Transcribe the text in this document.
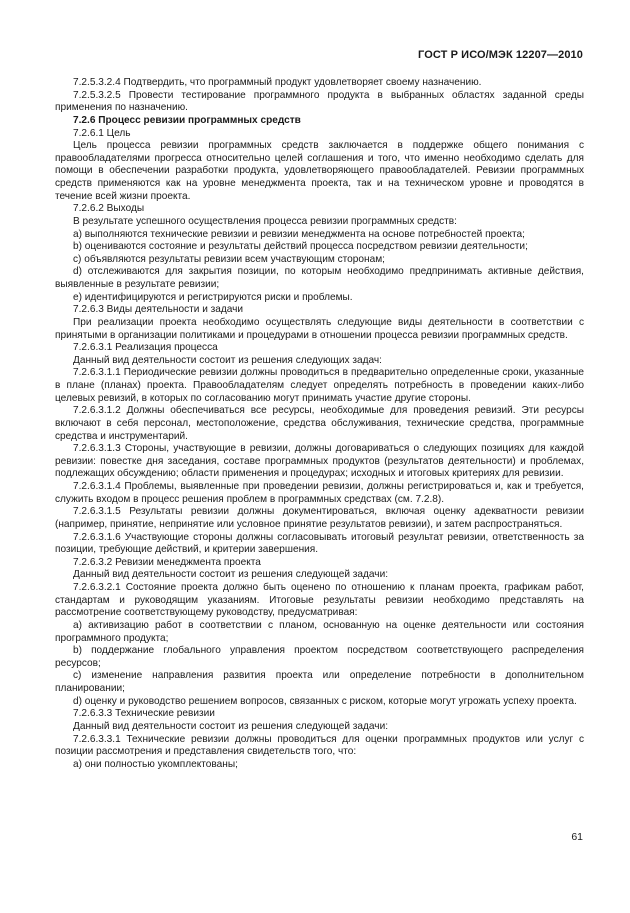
ГОСТ Р ИСО/МЭК 12207—2010

7.2.5.3.2.4 Подтвердить, что программный продукт удовлетворяет своему назначению.

7.2.5.3.2.5 Провести тестирование программного продукта в выбранных областях заданной среды применения по назначению.

7.2.6 Процесс ревизии программных средств

7.2.6.1 Цель

Цель процесса ревизии программных средств заключается в поддержке общего понимания с правообладателями прогресса относительно целей соглашения и того, что именно необходимо сделать для помощи в обеспечении разработки продукта, удовлетворяющего правообладателей. Ревизии программных средств применяются как на уровне менеджмента проекта, так и на техническом уровне и проводятся в течение всей жизни проекта.

7.2.6.2 Выходы

В результате успешного осуществления процесса ревизии программных средств:

а) выполняются технические ревизии и ревизии менеджмента на основе потребностей проекта;

b) оцениваются состояние и результаты действий процесса посредством ревизии деятельности;

с) объявляются результаты ревизии всем участвующим сторонам;

d) отслеживаются для закрытия позиции, по которым необходимо предпринимать активные действия, выявленные в результате ревизии;

е) идентифицируются и регистрируются риски и проблемы.

7.2.6.3 Виды деятельности и задачи

При реализации проекта необходимо осуществлять следующие виды деятельности в соответствии с принятыми в организации политиками и процедурами в отношении процесса ревизии программных средств.

7.2.6.3.1 Реализация процесса

Данный вид деятельности состоит из решения следующих задач:

7.2.6.3.1.1 Периодические ревизии должны проводиться в предварительно определенные сроки, указанные в плане (планах) проекта. Правообладателям следует определять потребность в проведении каких-либо целевых ревизий, в которых по согласованию могут принимать участие другие стороны.

7.2.6.3.1.2 Должны обеспечиваться все ресурсы, необходимые для проведения ревизий. Эти ресурсы включают в себя персонал, местоположение, средства обслуживания, технические средства, программные средства и инструментарий.

7.2.6.3.1.3 Стороны, участвующие в ревизии, должны договариваться о следующих позициях для каждой ревизии: повестке дня заседания, составе программных продуктов (результатов деятельности) и проблемах, подлежащих обсуждению; области применения и процедурах; исходных и итоговых критериях для ревизии.

7.2.6.3.1.4 Проблемы, выявленные при проведении ревизии, должны регистрироваться и, как и требуется, служить входом в процесс решения проблем в программных средствах (см. 7.2.8).

7.2.6.3.1.5 Результаты ревизии должны документироваться, включая оценку адекватности ревизии (например, принятие, непринятие или условное принятие результатов ревизии), и затем распространяться.

7.2.6.3.1.6 Участвующие стороны должны согласовывать итоговый результат ревизии, ответственность за позиции, требующие действий, и критерии завершения.

7.2.6.3.2 Ревизии менеджмента проекта

Данный вид деятельности состоит из решения следующей задачи:

7.2.6.3.2.1 Состояние проекта должно быть оценено по отношению к планам проекта, графикам работ, стандартам и руководящим указаниям. Итоговые результаты ревизии необходимо представлять на рассмотрение соответствующему руководству, предусматривая:

а) активизацию работ в соответствии с планом, основанную на оценке деятельности или состояния программного продукта;

b) поддержание глобального управления проектом посредством соответствующего распределения ресурсов;

с) изменение направления развития проекта или определение потребности в дополнительном планировании;

d) оценку и руководство решением вопросов, связанных с риском, которые могут угрожать успеху проекта.

7.2.6.3.3 Технические ревизии

Данный вид деятельности состоит из решения следующей задачи:

7.2.6.3.3.1 Технические ревизии должны проводиться для оценки программных продуктов или услуг с позиции рассмотрения и представления свидетельств того, что:

а) они полностью укомплектованы;

61
